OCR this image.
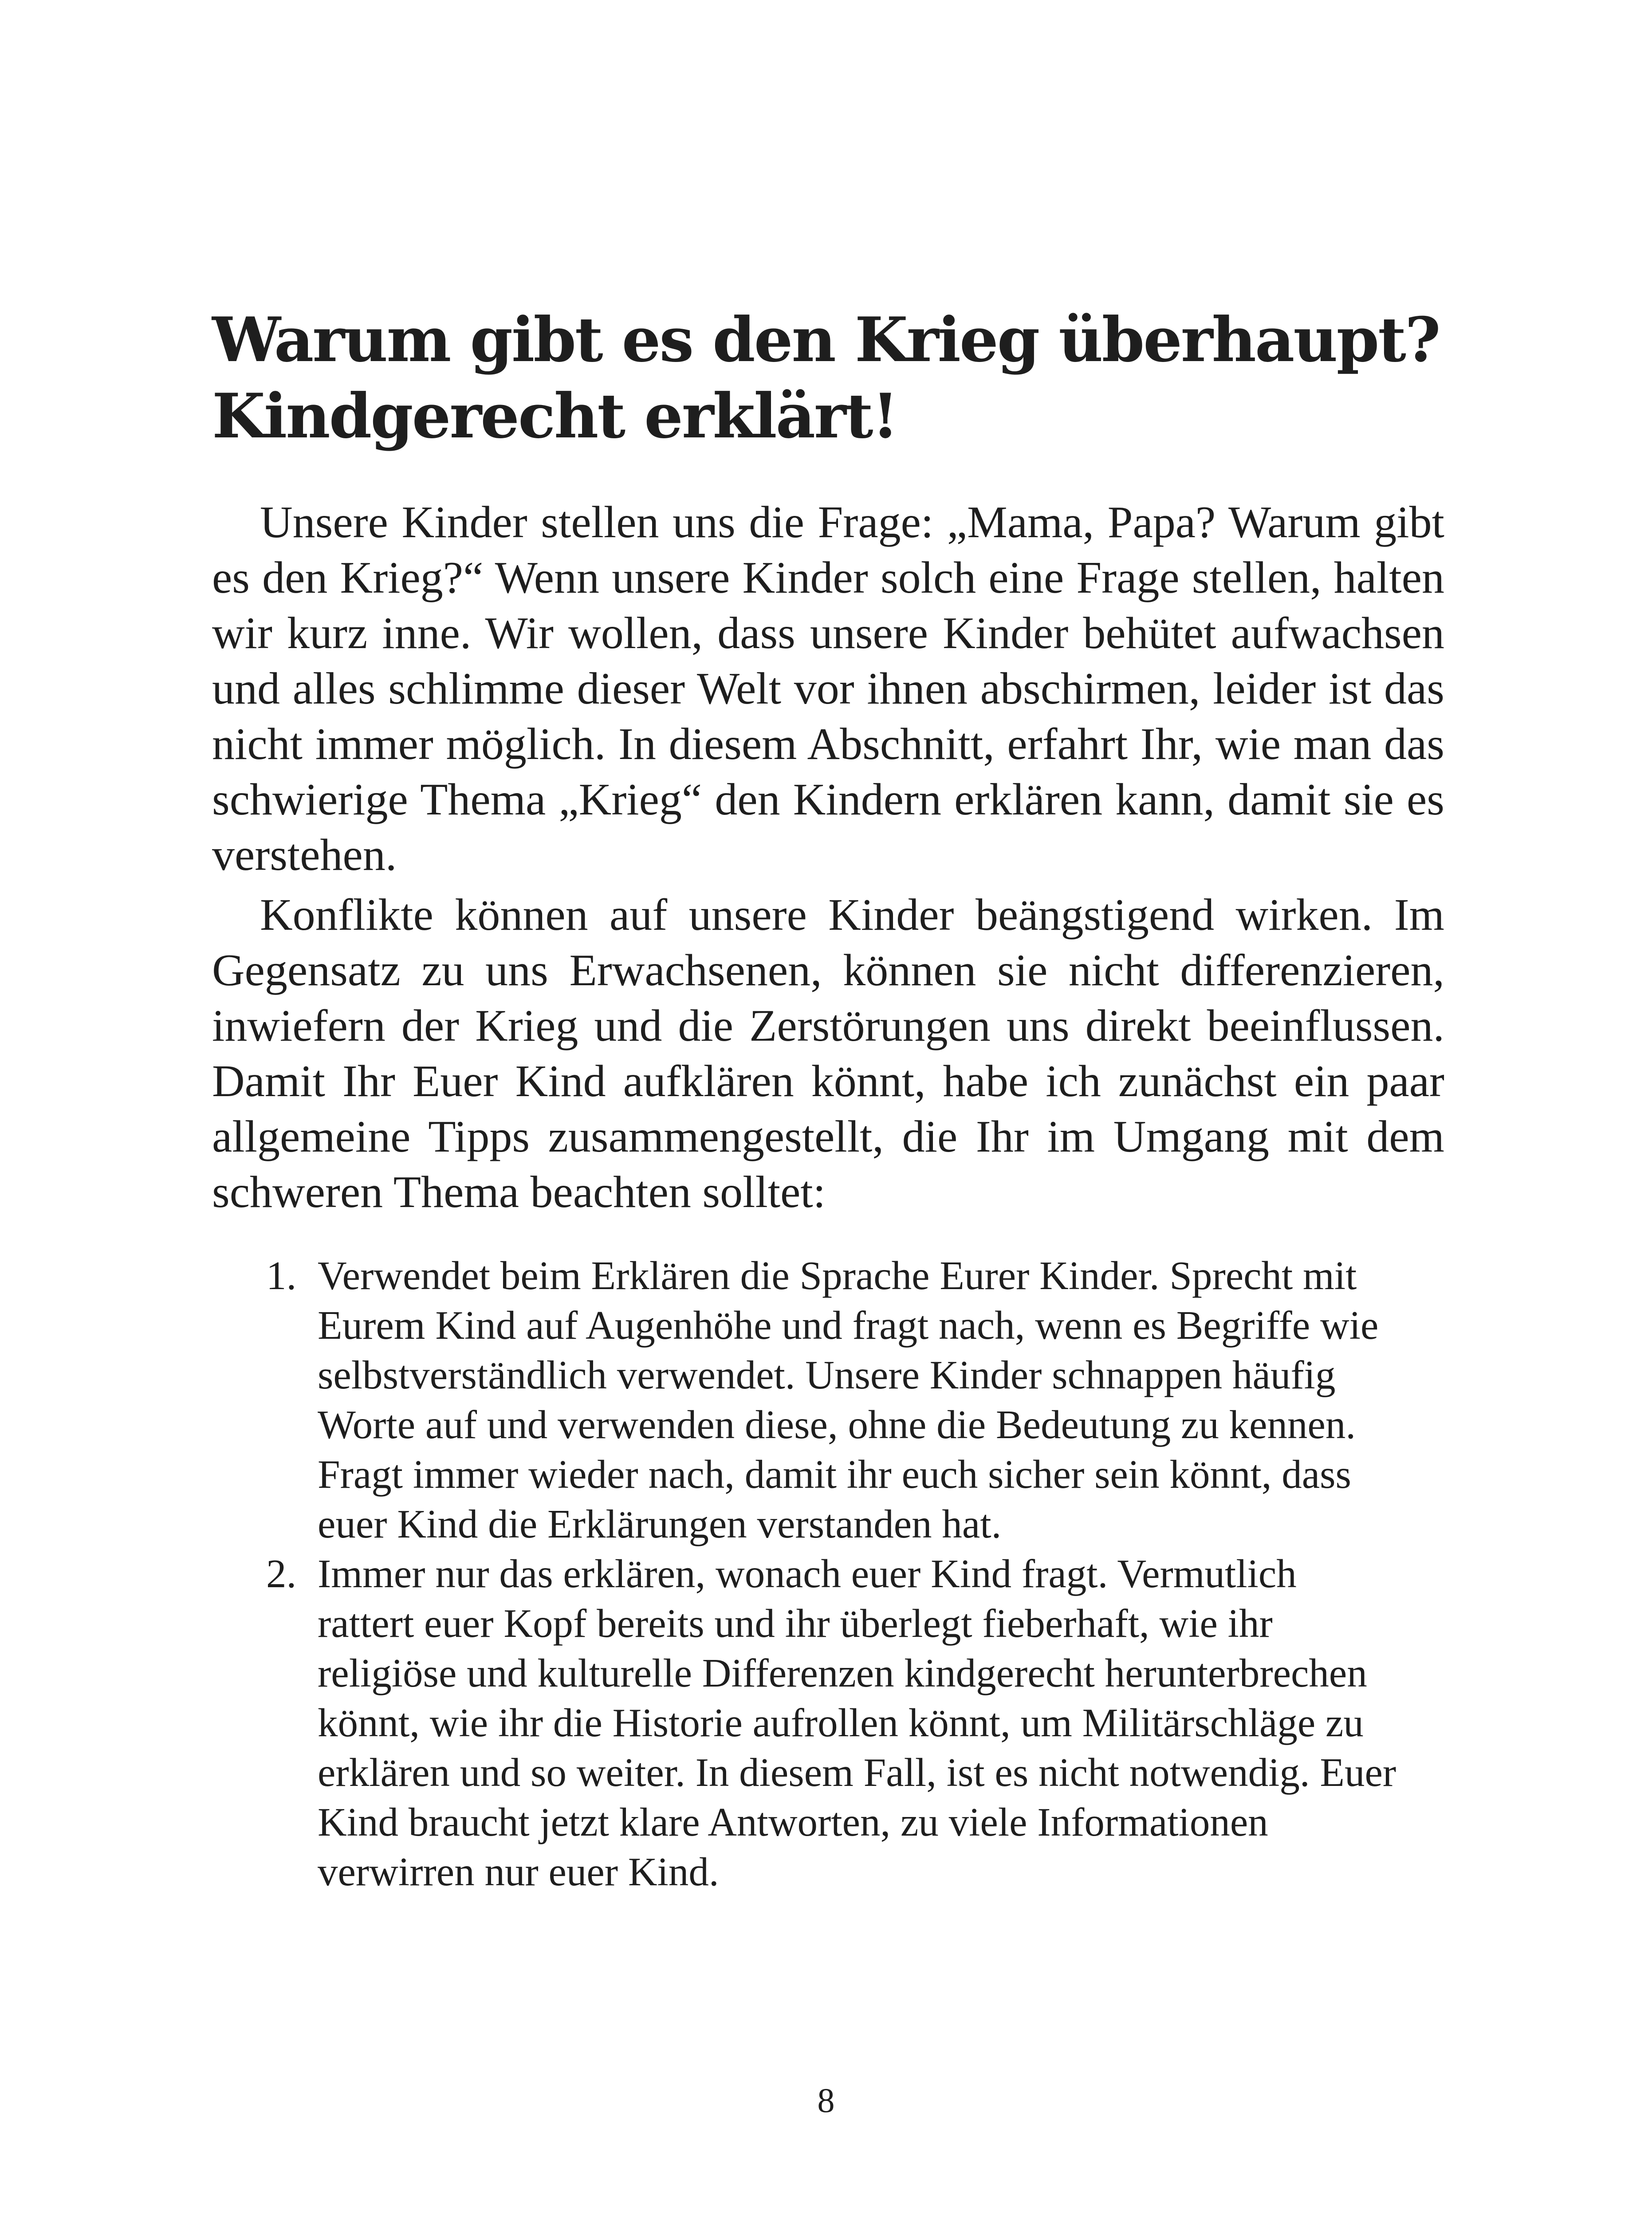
Warum gibt es den Krieg überhaupt?
Kindgerecht erklärt!

Unsere Kinder stellen uns die Frage: „Mama, Papa? Warum gibt es den Krieg?“ Wenn unsere Kinder solch eine Frage stellen, halten wir kurz inne. Wir wollen, dass unsere Kinder behütet aufwachsen und alles schlimme dieser Welt vor ihnen abschirmen, leider ist das nicht immer möglich. In diesem Abschnitt, erfahrt Ihr, wie man das schwierige Thema „Krieg“ den Kindern erklären kann, damit sie es verstehen.

Konflikte können auf unsere Kinder beängstigend wirken. Im Gegensatz zu uns Erwachsenen, können sie nicht differenzieren, inwiefern der Krieg und die Zerstörungen uns direkt beeinflussen. Damit Ihr Euer Kind aufklären könnt, habe ich zunächst ein paar allgemeine Tipps zusammengestellt, die Ihr im Umgang mit dem schweren Thema beachten solltet:

1. Verwendet beim Erklären die Sprache Eurer Kinder. Sprecht mit Eurem Kind auf Augenhöhe und fragt nach, wenn es Begriffe wie selbstverständlich verwendet. Unsere Kinder schnappen häufig Worte auf und verwenden diese, ohne die Bedeutung zu kennen. Fragt immer wieder nach, damit ihr euch sicher sein könnt, dass euer Kind die Erklärungen verstanden hat.
2. Immer nur das erklären, wonach euer Kind fragt. Vermutlich rattert euer Kopf bereits und ihr überlegt fieberhaft, wie ihr religiöse und kulturelle Differenzen kindgerecht herunterbrechen könnt, wie ihr die Historie aufrollen könnt, um Militärschläge zu erklären und so weiter. In diesem Fall, ist es nicht notwendig. Euer Kind braucht jetzt klare Antworten, zu viele Informationen verwirren nur euer Kind.
8
